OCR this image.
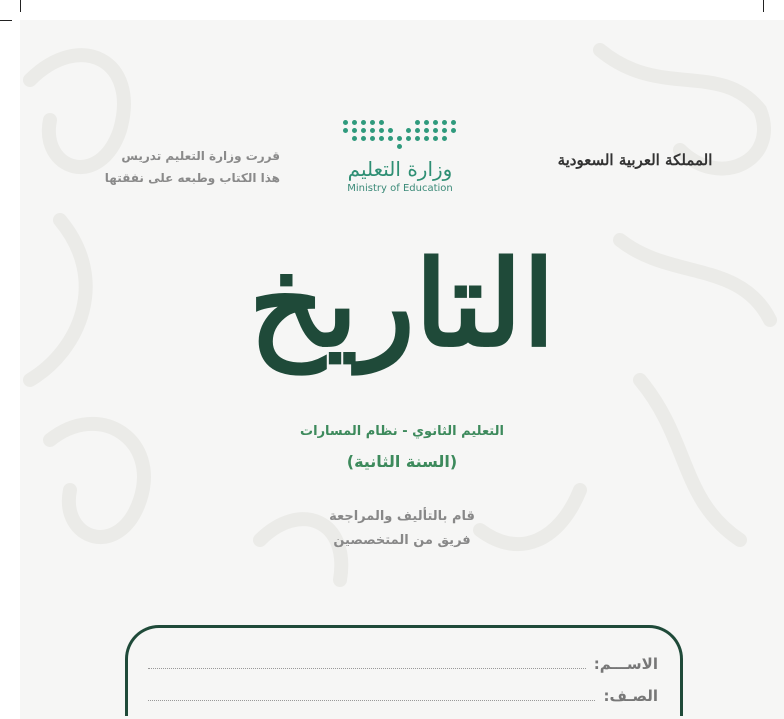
قررت وزارة التعليم تدريس
هذا الكتاب وطبعه على نفقتها	وزارة التعليم
Ministry of Education
المملكة العربية السعودية
التاريخ
التعليم الثانوي - نظام المسارات
(السنة الثانية)
قام بالتأليف والمراجعة
فريق من المتخصصين
الاســـم:
الصـف:
